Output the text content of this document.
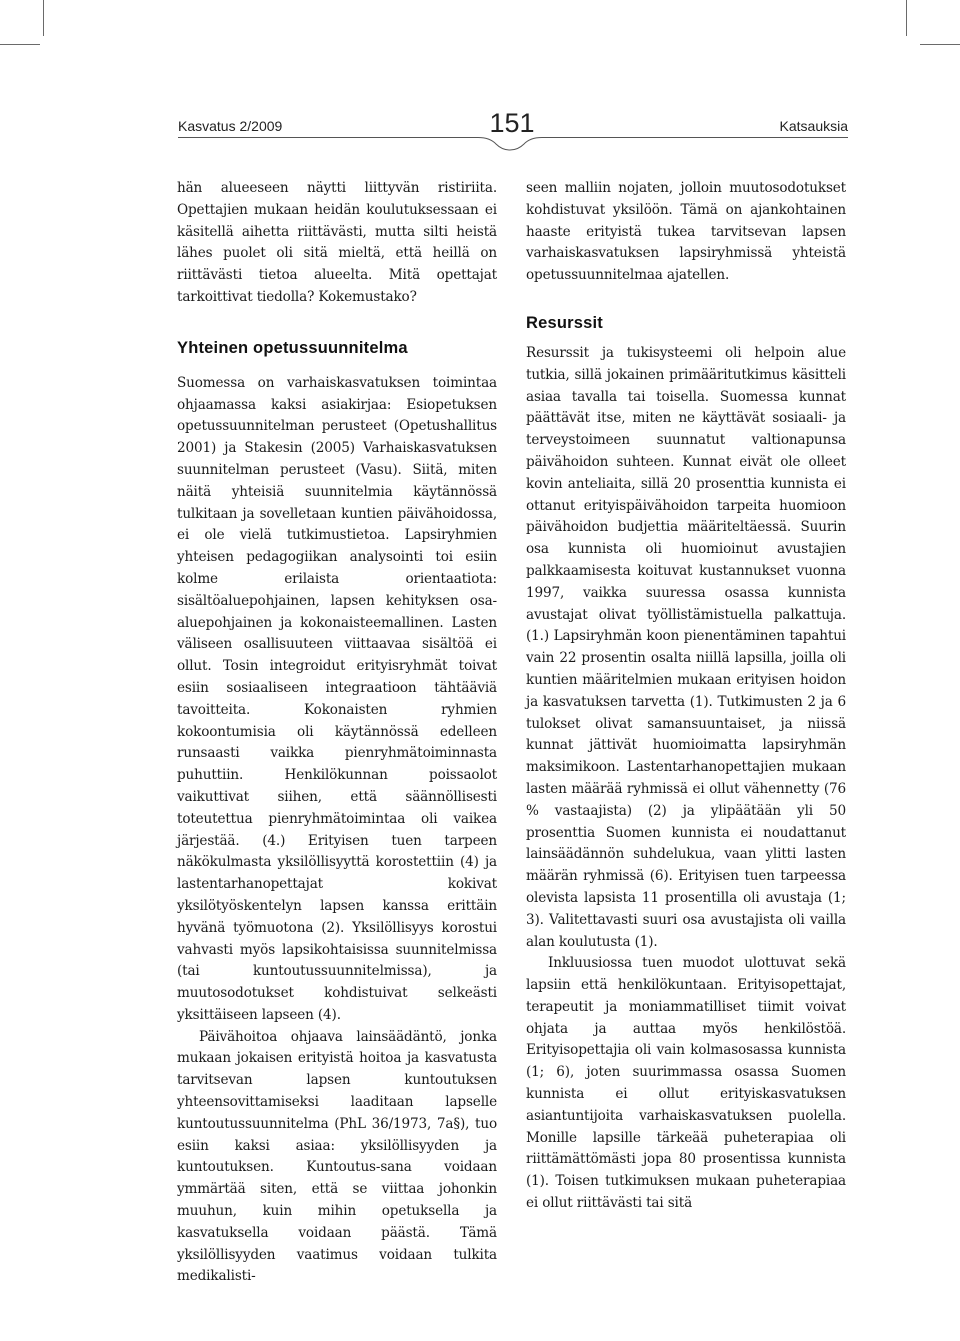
Kasvatus 2/2009	151	Katsauksia

hän alueeseen näytti liittyvän ristiriita. Opettajien mukaan heidän koulutuksessaan ei käsitellä aihetta riittävästi, mutta silti heistä lähes puolet oli sitä mieltä, että heillä on riittävästi tietoa alueelta. Mitä opettajat tarkoittivat tiedolla? Kokemustako?

Yhteinen opetussuunnitelma

Suomessa on varhaiskasvatuksen toimintaa ohjaamassa kaksi asiakirjaa: Esiopetuksen opetussuunnitelman perusteet (Opetushallitus 2001) ja Stakesin (2005) Varhaiskasvatuksen suunnitelman perusteet (Vasu). Siitä, miten näitä yhteisiä suunnitelmia käytännössä tulkitaan ja sovelletaan kuntien päivähoidossa, ei ole vielä tutkimustietoa. Lapsiryhmien yhteisen pedagogiikan analysointi toi esiin kolme erilaista orientaatiota: sisältöaluepohjainen, lapsen kehityksen osa-aluepohjainen ja kokonaisteemallinen. Lasten väliseen osallisuuteen viittaavaa sisältöä ei ollut. Tosin integroidut erityisryhmät toivat esiin sosiaaliseen integraatioon tähtääviä tavoitteita. Kokonaisten ryhmien kokoontumisia oli käytännössä edelleen runsaasti vaikka pienryhmätoiminnasta puhuttiin. Henkilökunnan poissaolot vaikuttivat siihen, että säännöllisesti toteutettua pienryhmätoimintaa oli vaikea järjestää. (4.) Erityisen tuen tarpeen näkökulmasta yksilöllisyyttä korostettiin (4) ja lastentarhanopettajat kokivat yksilötyöskentelyn lapsen kanssa erittäin hyvänä työmuotona (2). Yksilöllisyys korostui vahvasti myös lapsikohtaisissa suunnitelmissa (tai kuntoutussuunnitelmissa), ja muutosodotukset kohdistuivat selkeästi yksittäiseen lapseen (4).

Päivähoitoa ohjaava lainsäädäntö, jonka mukaan jokaisen erityistä hoitoa ja kasvatusta tarvitsevan lapsen kuntoutuksen yhteensovittamiseksi laaditaan lapselle kuntoutussuunnitelma (PhL 36/1973, 7a§), tuo esiin kaksi asiaa: yksilöllisyyden ja kuntoutuksen. Kuntoutus-sana voidaan ymmärtää siten, että se viittaa johonkin muuhun, kuin mihin opetuksella ja kasvatuksella voidaan päästä. Tämä yksilöllisyyden vaatimus voidaan tulkita medikalisti-

seen malliin nojaten, jolloin muutosodotukset kohdistuvat yksilöön. Tämä on ajankohtainen haaste erityistä tukea tarvitsevan lapsen varhaiskasvatuksen lapsiryhmissä yhteistä opetussuunnitelmaa ajatellen.

Resurssit

Resurssit ja tukisysteemi oli helpoin alue tutkia, sillä jokainen primääritutkimus käsitteli asiaa tavalla tai toisella. Suomessa kunnat päättävät itse, miten ne käyttävät sosiaali- ja terveystoimeen suunnatut valtionapunsa päivähoidon suhteen. Kunnat eivät ole olleet kovin anteliaita, sillä 20 prosenttia kunnista ei ottanut erityispäivähoidon tarpeita huomioon päivähoidon budjettia määriteltäessä. Suurin osa kunnista oli huomioinut avustajien palkkaamisesta koituvat kustannukset vuonna 1997, vaikka suuressa osassa kunnista avustajat olivat työllistämistuella palkattuja. (1.) Lapsiryhmän koon pienentäminen tapahtui vain 22 prosentin osalta niillä lapsilla, joilla oli kuntien määritelmien mukaan erityisen hoidon ja kasvatuksen tarvetta (1). Tutkimusten 2 ja 6 tulokset olivat samansuuntaiset, ja niissä kunnat jättivät huomioimatta lapsiryhmän maksimikoon. Lastentarhanopettajien mukaan lasten määrää ryhmissä ei ollut vähennetty (76 % vastaajista) (2) ja ylipäätään yli 50 prosenttia Suomen kunnista ei noudattanut lainsäädännön suhdelukua, vaan ylitti lasten määrän ryhmissä (6). Erityisen tuen tarpeessa olevista lapsista 11 prosentilla oli avustaja (1; 3). Valitettavasti suuri osa avustajista oli vailla alan koulutusta (1).

Inkluusiossa tuen muodot ulottuvat sekä lapsiin että henkilökuntaan. Erityisopettajat, terapeutit ja moniammatilliset tiimit voivat ohjata ja auttaa myös henkilöstöä. Erityisopettajia oli vain kolmasosassa kunnista (1; 6), joten suurimmassa osassa Suomen kunnista ei ollut erityiskasvatuksen asiantuntijoita varhaiskasvatuksen puolella. Monille lapsille tärkeää puheterapiaa oli riittämättömästi jopa 80 prosentissa kunnista (1). Toisen tutkimuksen mukaan puheterapiaa ei ollut riittävästi tai sitä
